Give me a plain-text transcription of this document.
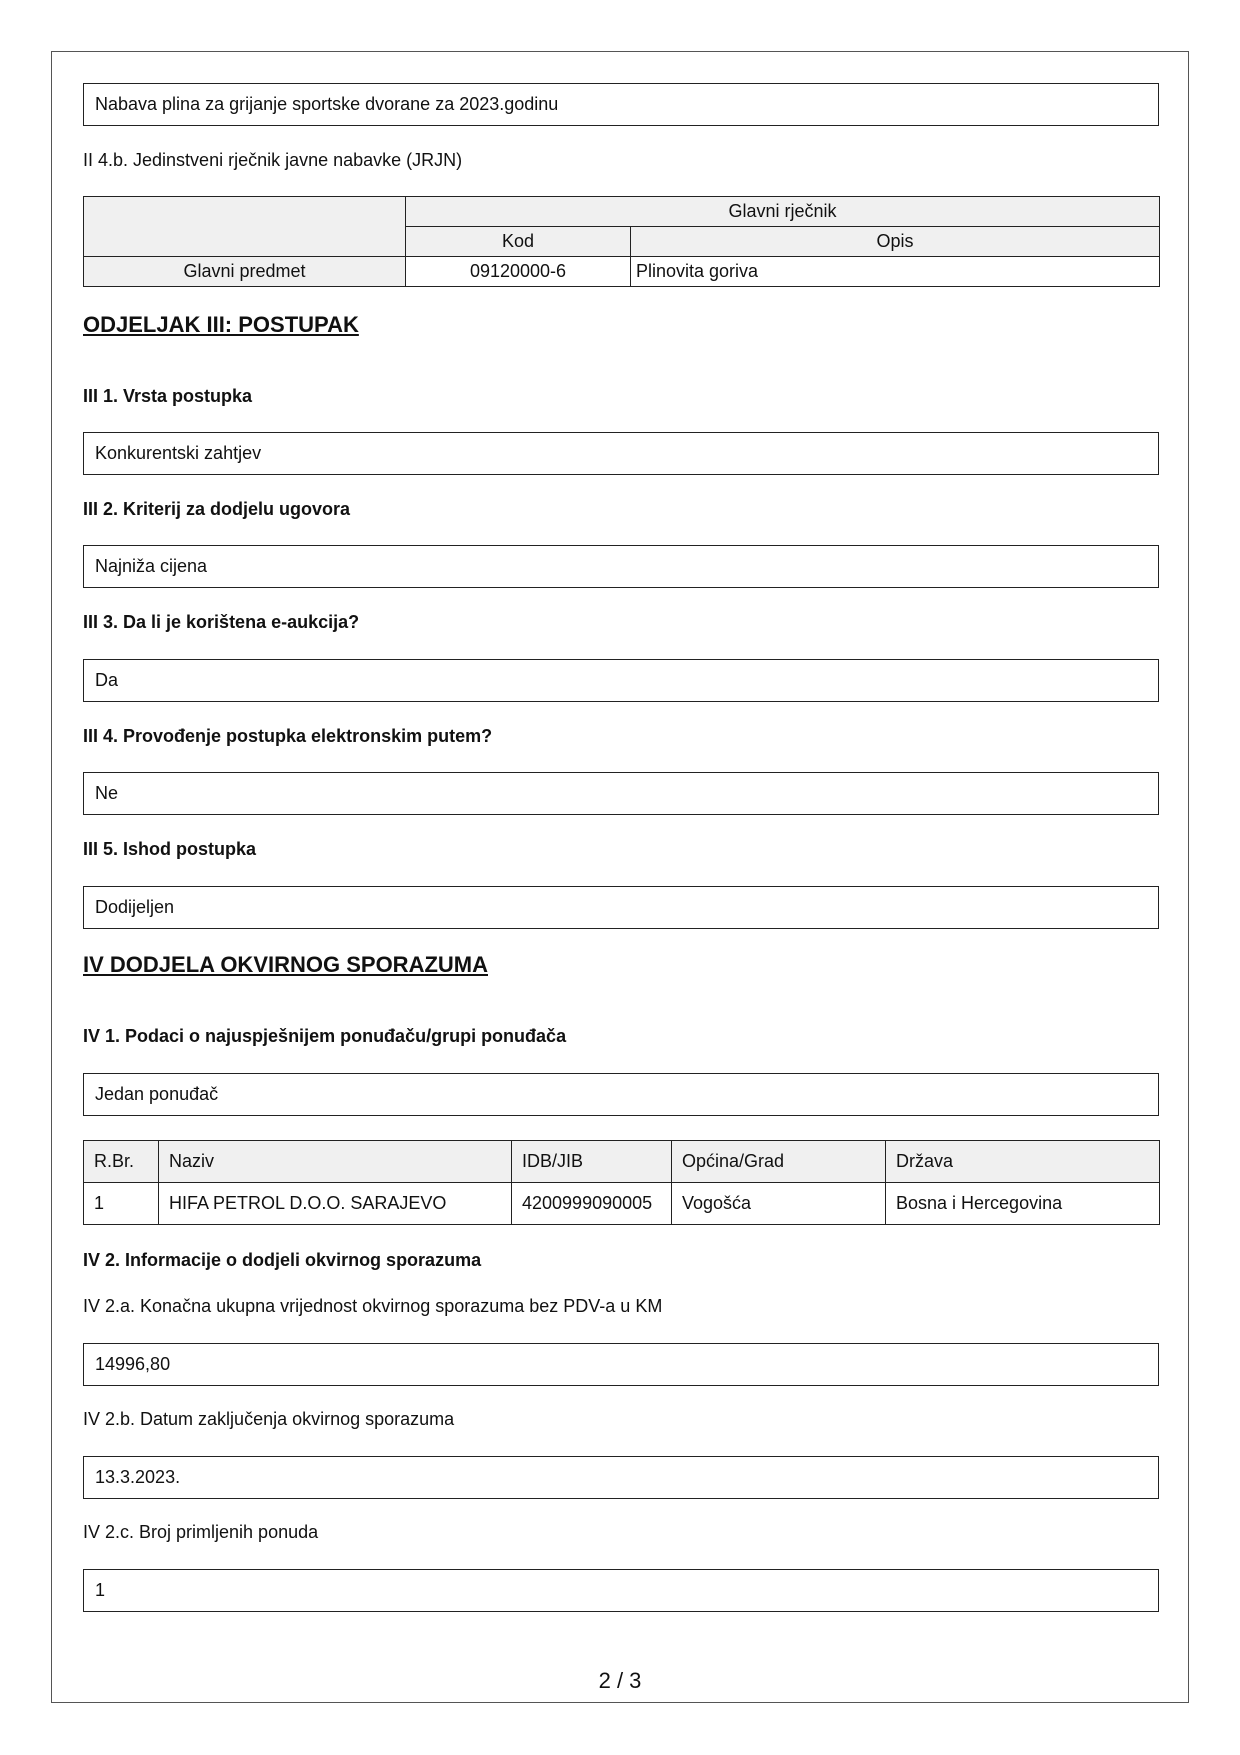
Nabava plina za grijanje sportske dvorane za 2023.godinu
II 4.b. Jedinstveni rječnik javne nabavke (JRJN)
	Glavni rječnik	
	Kod	Opis
Glavni predmet	09120000-6	Plinovita goriva
ODJELJAK III: POSTUPAK
III 1. Vrsta postupka
Konkurentski zahtjev
III 2. Kriterij za dodjelu ugovora
Najniža cijena
III 3. Da li je korištena e-aukcija?
Da
III 4. Provođenje postupka elektronskim putem?
Ne
III 5. Ishod postupka
Dodijeljen
IV DODJELA OKVIRNOG SPORAZUMA
IV 1. Podaci o najuspješnijem ponuđaču/grupi ponuđača
Jedan ponuđač
R.Br.	Naziv	IDB/JIB	Općina/Grad	Država
1	HIFA PETROL D.O.O. SARAJEVO	4200999090005	Vogošća	Bosna i Hercegovina
IV 2. Informacije o dodjeli okvirnog sporazuma
IV 2.a. Konačna ukupna vrijednost okvirnog sporazuma bez PDV-a u KM
14996,80
IV 2.b. Datum zaključenja okvirnog sporazuma
13.3.2023.
IV 2.c. Broj primljenih ponuda
1
2 / 3
